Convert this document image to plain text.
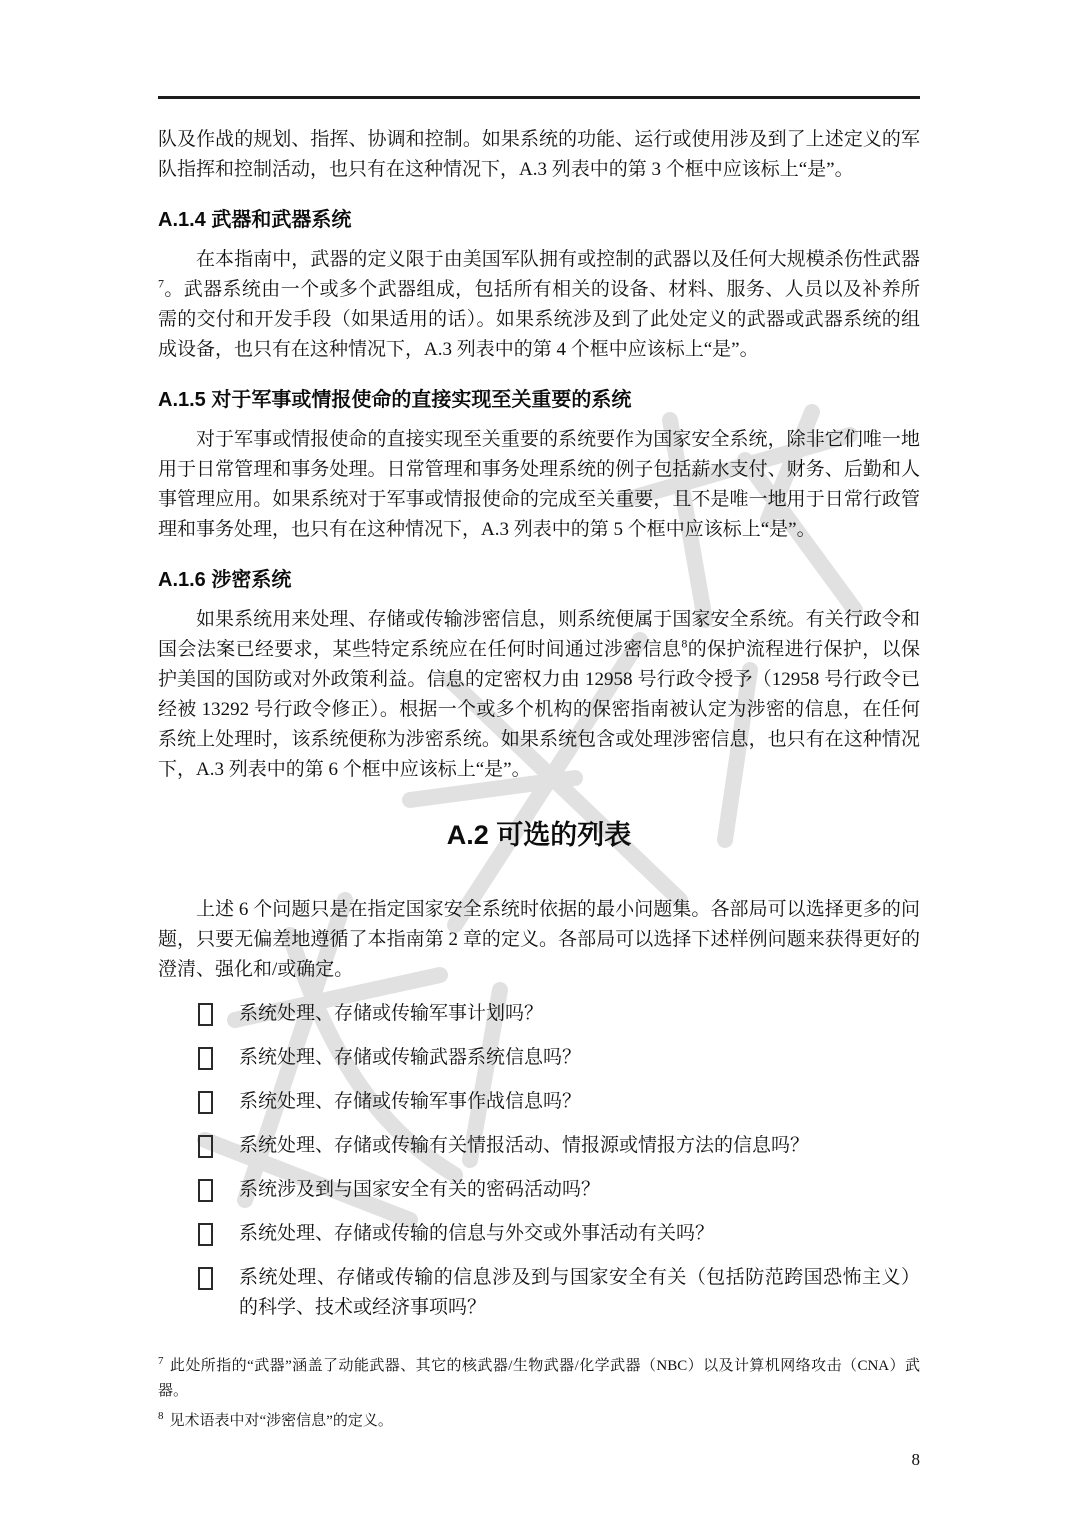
队及作战的规划、指挥、协调和控制。如果系统的功能、运行或使用涉及到了上述定义的军队指挥和控制活动，也只有在这种情况下，A.3 列表中的第 3 个框中应该标上“是”。

A.1.4 武器和武器系统

在本指南中，武器的定义限于由美国军队拥有或控制的武器以及任何大规模杀伤性武器$^7$。武器系统由一个或多个武器组成，包括所有相关的设备、材料、服务、人员以及补养所需的交付和开发手段（如果适用的话）。如果系统涉及到了此处定义的武器或武器系统的组成设备，也只有在这种情况下，A.3 列表中的第 4 个框中应该标上“是”。

A.1.5 对于军事或情报使命的直接实现至关重要的系统

对于军事或情报使命的直接实现至关重要的系统要作为国家安全系统，除非它们唯一地用于日常管理和事务处理。日常管理和事务处理系统的例子包括薪水支付、财务、后勤和人事管理应用。如果系统对于军事或情报使命的完成至关重要，且不是唯一地用于日常行政管理和事务处理，也只有在这种情况下，A.3 列表中的第 5 个框中应该标上“是”。

A.1.6 涉密系统

如果系统用来处理、存储或传输涉密信息，则系统便属于国家安全系统。有关行政令和国会法案已经要求，某些特定系统应在任何时间通过涉密信息$^8$的保护流程进行保护，以保护美国的国防或对外政策利益。信息的定密权力由 12958 号行政令授予（12958 号行政令已经被 13292 号行政令修正）。根据一个或多个机构的保密指南被认定为涉密的信息，在任何系统上处理时，该系统便称为涉密系统。如果系统包含或处理涉密信息，也只有在这种情况下，A.3 列表中的第 6 个框中应该标上“是”。

A.2 可选的列表

上述 6 个问题只是在指定国家安全系统时依据的最小问题集。各部局可以选择更多的问题，只要无偏差地遵循了本指南第 2 章的定义。各部局可以选择下述样例问题来获得更好的澄清、强化和/或确定。

系统处理、存储或传输军事计划吗？
系统处理、存储或传输武器系统信息吗？
系统处理、存储或传输军事作战信息吗？
系统处理、存储或传输有关情报活动、情报源或情报方法的信息吗？
系统涉及到与国家安全有关的密码活动吗？
系统处理、存储或传输的信息与外交或外事活动有关吗？
系统处理、存储或传输的信息涉及到与国家安全有关（包括防范跨国恐怖主义）的科学、技术或经济事项吗？

$^7$ 此处所指的“武器”涵盖了动能武器、其它的核武器/生物武器/化学武器（NBC）以及计算机网络攻击（CNA）武器。

$^8$ 见术语表中对“涉密信息”的定义。

8
